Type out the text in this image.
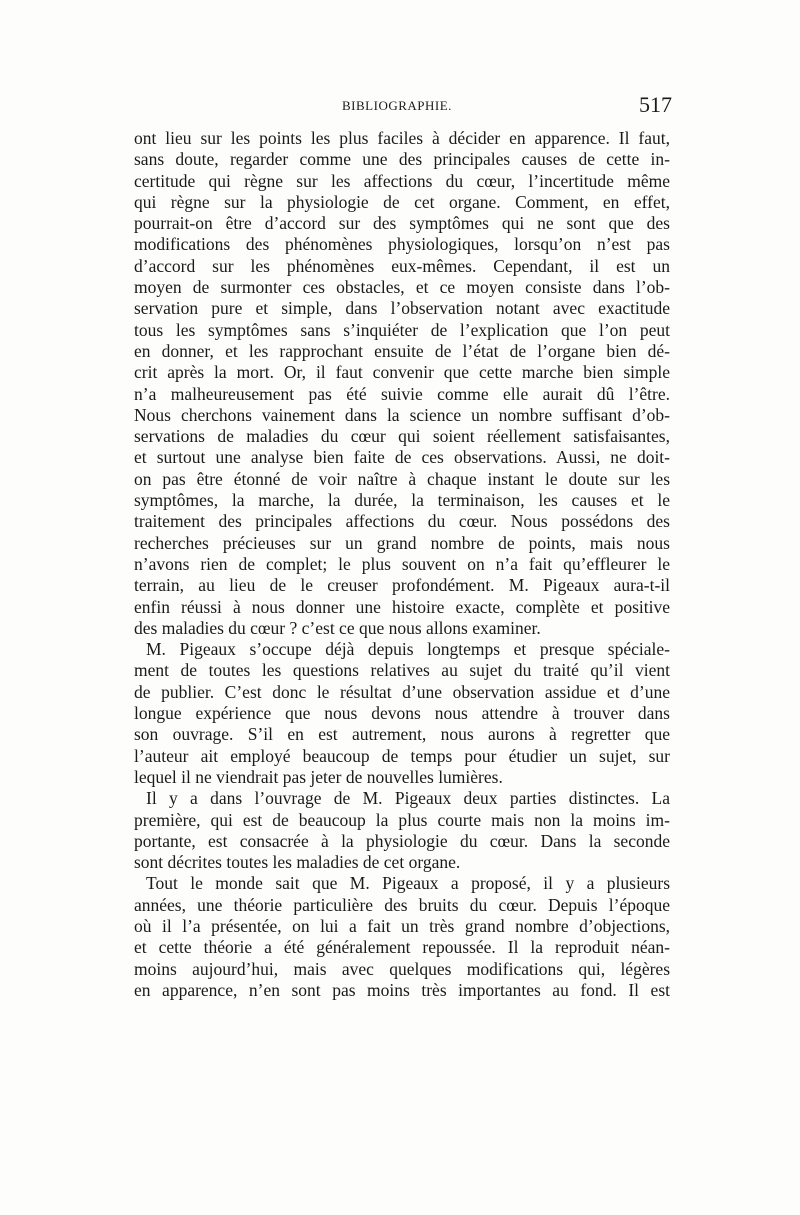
BIBLIOGRAPHIE.	517
ont lieu sur les points les plus faciles à décider en apparence. Il faut,
sans doute, regarder comme une des principales causes de cette in-
certitude qui règne sur les affections du cœur, l’incertitude même
qui règne sur la physiologie de cet organe. Comment, en effet,
pourrait-on être d’accord sur des symptômes qui ne sont que des
modifications des phénomènes physiologiques, lorsqu’on n’est pas
d’accord sur les phénomènes eux-mêmes. Cependant, il est un
moyen de surmonter ces obstacles, et ce moyen consiste dans l’ob-
servation pure et simple, dans l’observation notant avec exactitude
tous les symptômes sans s’inquiéter de l’explication que l’on peut
en donner, et les rapprochant ensuite de l’état de l’organe bien dé-
crit après la mort. Or, il faut convenir que cette marche bien simple
n’a malheureusement pas été suivie comme elle aurait dû l’être.
Nous cherchons vainement dans la science un nombre suffisant d’ob-
servations de maladies du cœur qui soient réellement satisfaisantes,
et surtout une analyse bien faite de ces observations. Aussi, ne doit-
on pas être étonné de voir naître à chaque instant le doute sur les
symptômes, la marche, la durée, la terminaison, les causes et le
traitement des principales affections du cœur. Nous possédons des
recherches précieuses sur un grand nombre de points, mais nous
n’avons rien de complet; le plus souvent on n’a fait qu’effleurer le
terrain, au lieu de le creuser profondément. M. Pigeaux aura-t-il
enfin réussi à nous donner une histoire exacte, complète et positive
des maladies du cœur ? c’est ce que nous allons examiner.
M. Pigeaux s’occupe déjà depuis longtemps et presque spéciale-
ment de toutes les questions relatives au sujet du traité qu’il vient
de publier. C’est donc le résultat d’une observation assidue et d’une
longue expérience que nous devons nous attendre à trouver dans
son ouvrage. S’il en est autrement, nous aurons à regretter que
l’auteur ait employé beaucoup de temps pour étudier un sujet, sur
lequel il ne viendrait pas jeter de nouvelles lumières.
Il y a dans l’ouvrage de M. Pigeaux deux parties distinctes. La
première, qui est de beaucoup la plus courte mais non la moins im-
portante, est consacrée à la physiologie du cœur. Dans la seconde
sont décrites toutes les maladies de cet organe.
Tout le monde sait que M. Pigeaux a proposé, il y a plusieurs
années, une théorie particulière des bruits du cœur. Depuis l’époque
où il l’a présentée, on lui a fait un très grand nombre d’objections,
et cette théorie a été généralement repoussée. Il la reproduit néan-
moins aujourd’hui, mais avec quelques modifications qui, légères
en apparence, n’en sont pas moins très importantes au fond. Il est
